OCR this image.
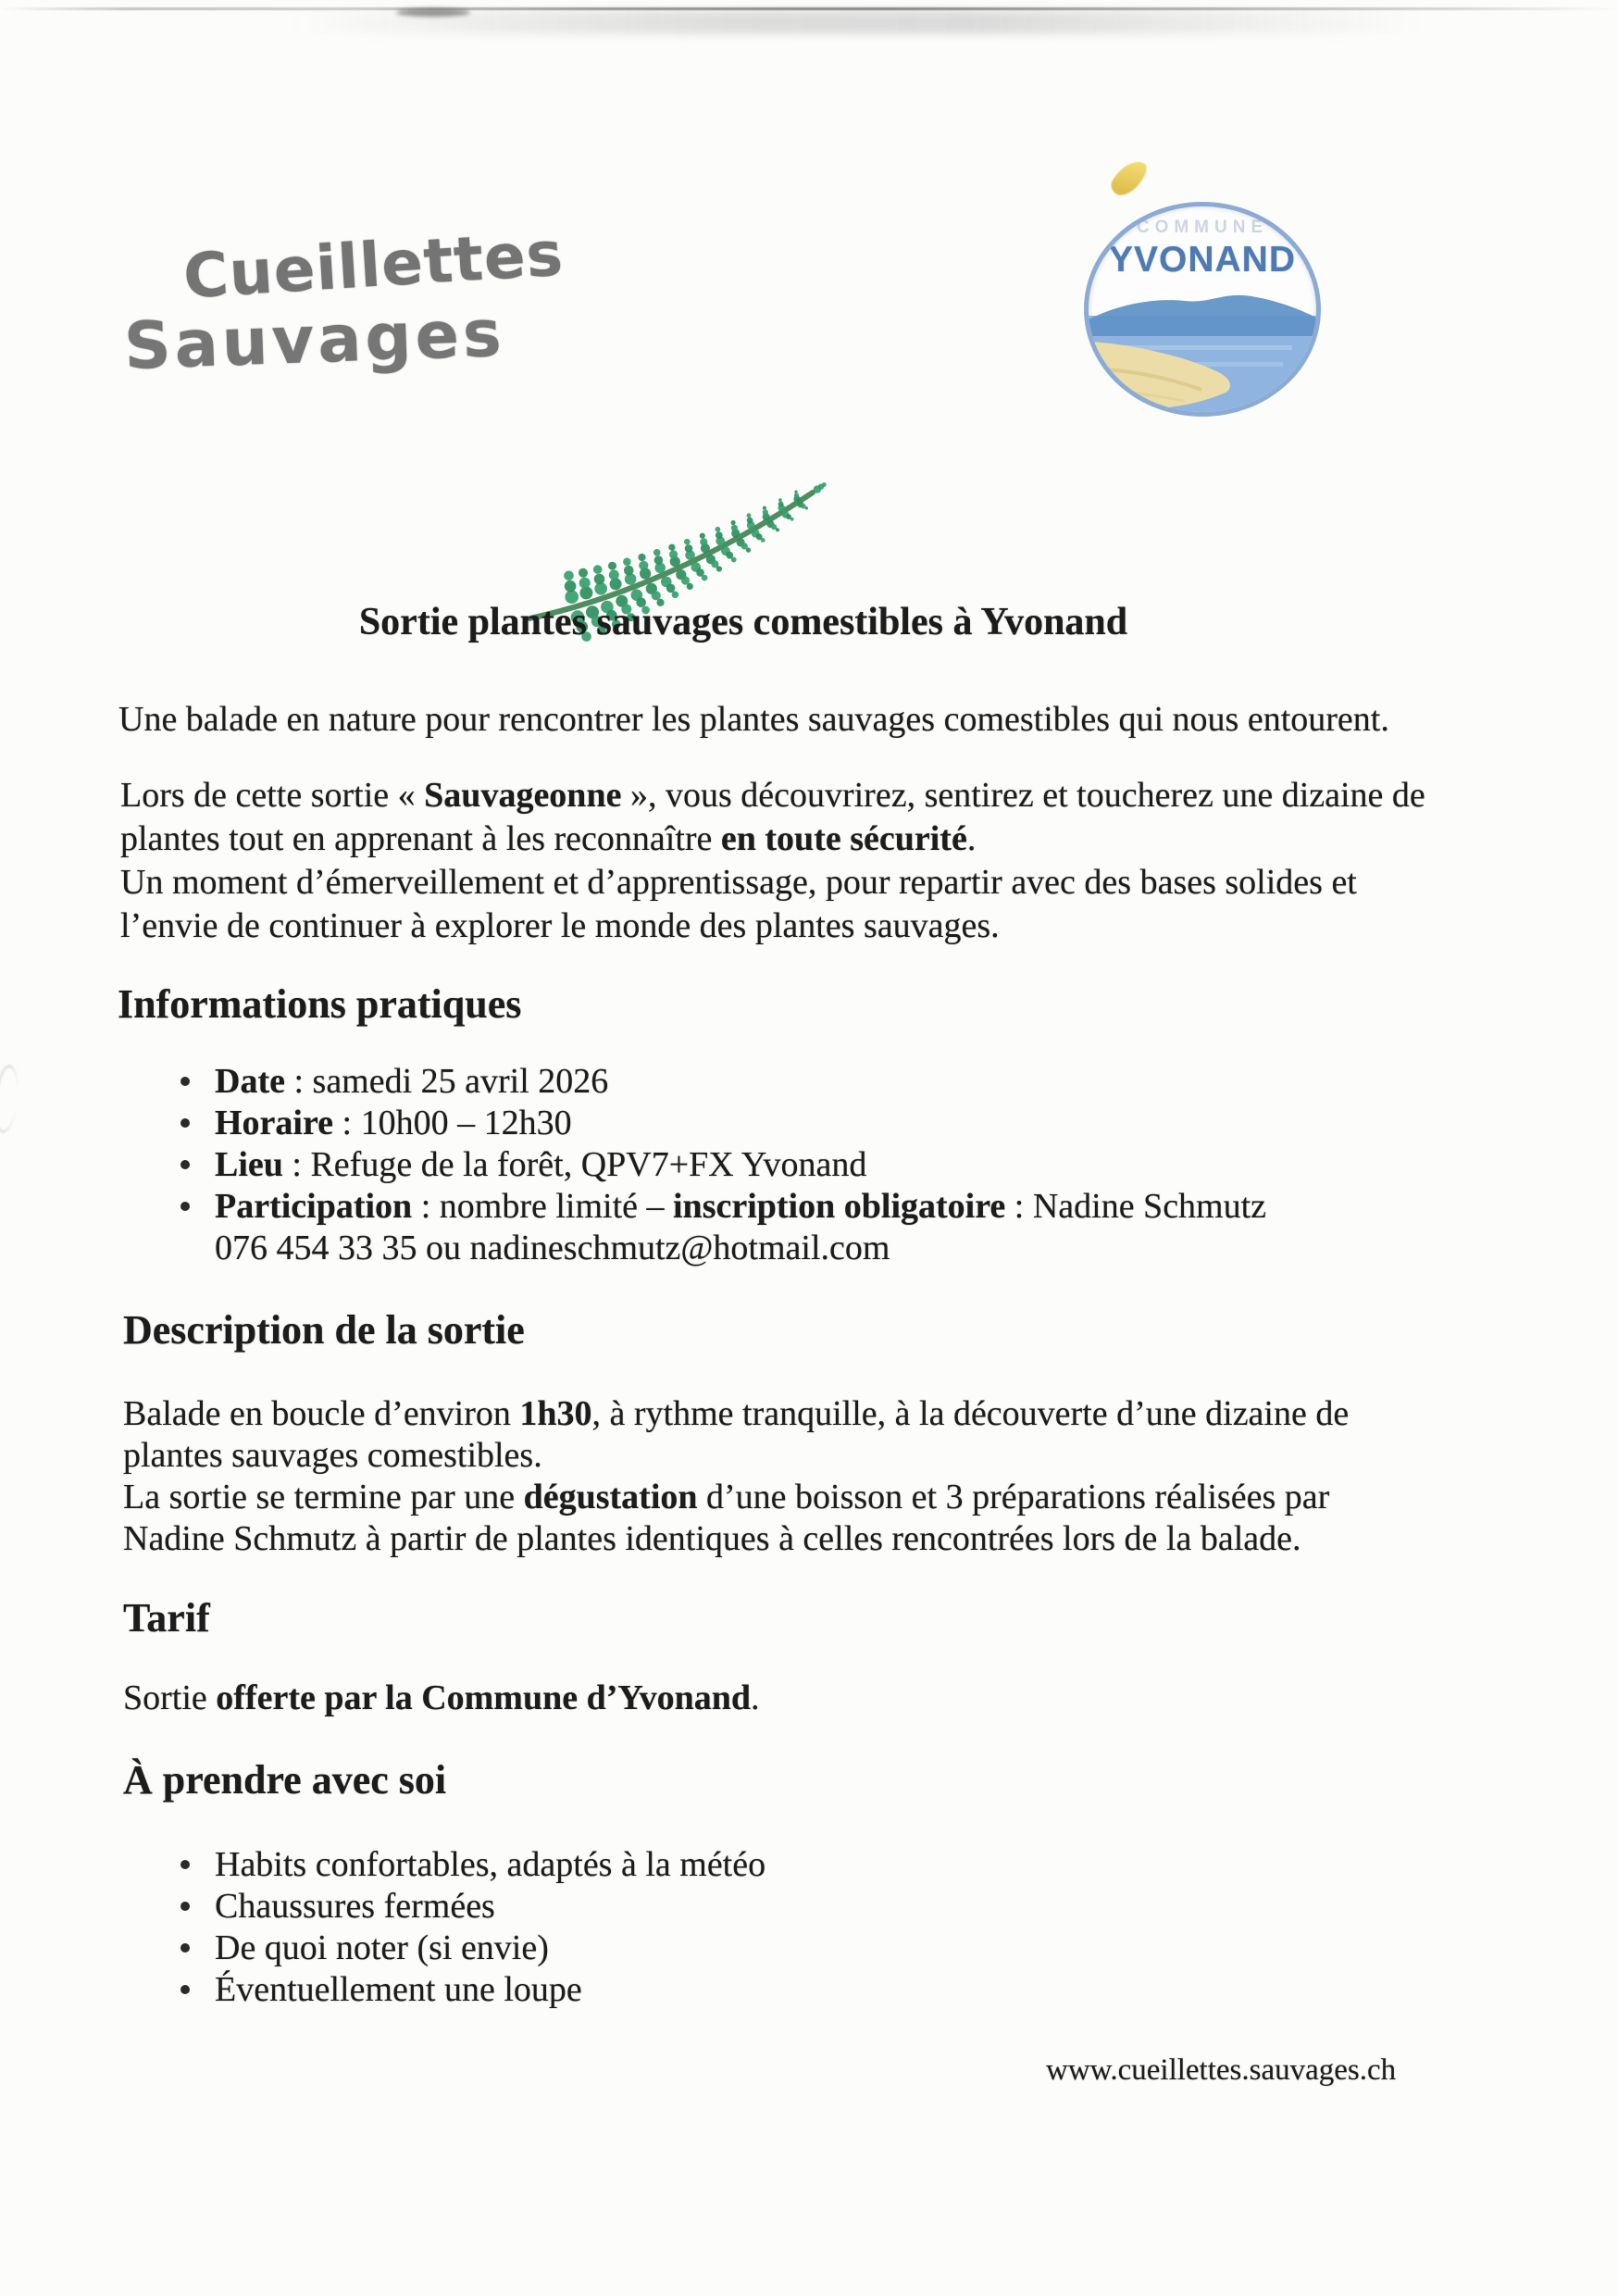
Cueillettes
Sauvages
COMMUNE
YVONAND
Sortie plantes sauvages comestibles à Yvonand
Une balade en nature pour rencontrer les plantes sauvages comestibles qui nous entourent.
Lors de cette sortie « Sauvageonne », vous découvrirez, sentirez et toucherez une dizaine de
plantes tout en apprenant à les reconnaître en toute sécurité.
Un moment d’émerveillement et d’apprentissage, pour repartir avec des bases solides et
l’envie de continuer à explorer le monde des plantes sauvages.
Informations pratiques
Date : samedi 25 avril 2026
Horaire : 10h00 – 12h30
Lieu : Refuge de la forêt, QPV7+FX Yvonand
Participation : nombre limité – inscription obligatoire : Nadine Schmutz
076 454 33 35 ou nadineschmutz@hotmail.com
Description de la sortie
Balade en boucle d’environ 1h30, à rythme tranquille, à la découverte d’une dizaine de
plantes sauvages comestibles.
La sortie se termine par une dégustation d’une boisson et 3 préparations réalisées par
Nadine Schmutz à partir de plantes identiques à celles rencontrées lors de la balade.
Tarif
Sortie offerte par la Commune d’Yvonand.
À prendre avec soi
Habits confortables, adaptés à la météo
Chaussures fermées
De quoi noter (si envie)
Éventuellement une loupe
www.cueillettes.sauvages.ch
